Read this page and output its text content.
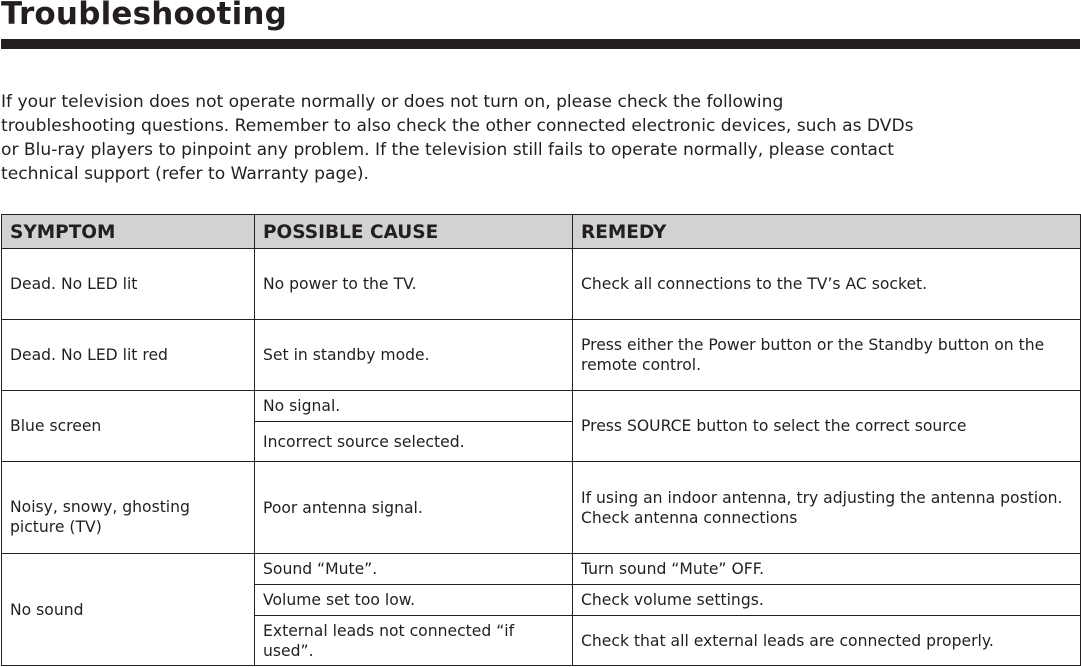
Troubleshooting
If your television does not operate normally or does not turn on, please check the following
troubleshooting questions. Remember to also check the other connected electronic devices, such as DVDs
or Blu-ray players to pinpoint any problem. If the television still fails to operate normally, please contact
technical support (refer to Warranty page).
SYMPTOM	POSSIBLE CAUSE	REMEDY
Dead. No LED lit	No power to the TV.	Check all connections to the TV’s AC socket.
Dead. No LED lit red	Set in standby mode.	Press either the Power button or the Standby button on the remote control.
Blue screen	No signal.	Press SOURCE button to select the correct source
	Incorrect source selected.	
Noisy, snowy, ghosting picture (TV)	Poor antenna signal.	If using an indoor antenna, try adjusting the antenna postion. Check antenna connections
No sound	Sound “Mute”.	Turn sound “Mute” OFF.
	Volume set too low.	Check volume settings.
	External leads not connected “if used”.	Check that all external leads are connected properly.
